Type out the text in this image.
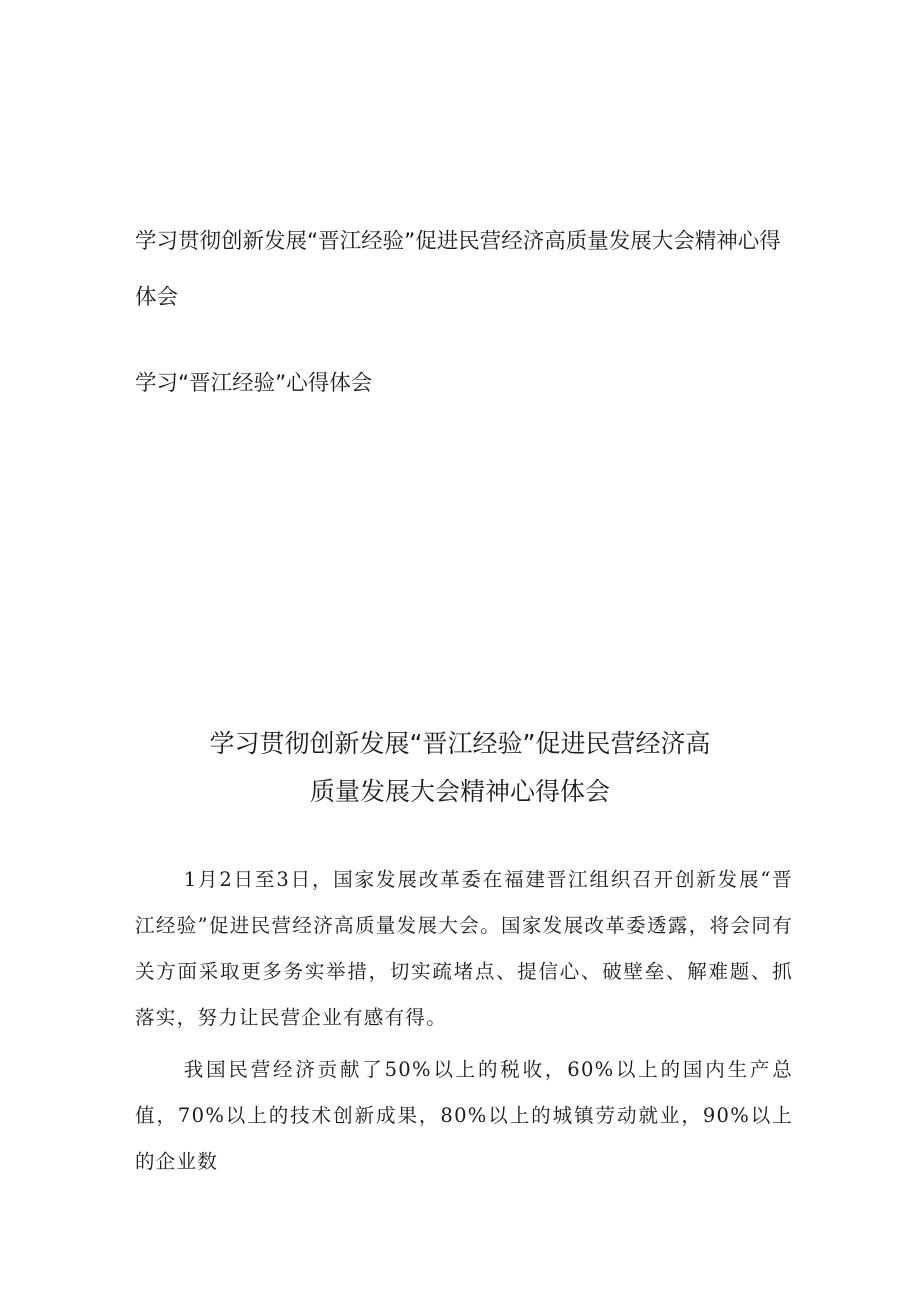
学习贯彻创新发展“晋江经验”促进民营经济高质量发展大会精神心得体会

学习“晋江经验”心得体会

学习贯彻创新发展“晋江经验”促进民营经济高
质量发展大会精神心得体会

1月2日至3日，国家发展改革委在福建晋江组织召开创新发展“晋江经验”促进民营经济高质量发展大会。国家发展改革委透露，将会同有关方面采取更多务实举措，切实疏堵点、提信心、破壁垒、解难题、抓落实，努力让民营企业有感有得。

我国民营经济贡献了50%以上的税收，60%以上的国内生产总值，70%以上的技术创新成果，80%以上的城镇劳动就业，90%以上的企业数
